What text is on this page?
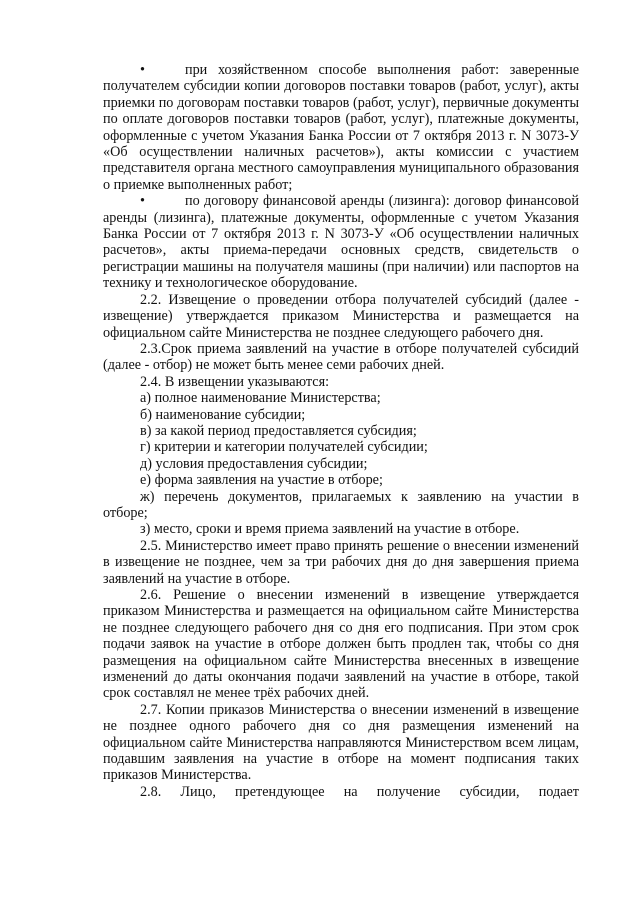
•	при хозяйственном способе выполнения работ: заверенные получателем субсидии копии договоров поставки товаров (работ, услуг), акты приемки по договорам поставки товаров (работ, услуг), первичные документы по оплате договоров поставки товаров (работ, услуг), платежные документы, оформленные с учетом Указания Банка России от 7 октября 2013 г. N 3073-У «Об осуществлении наличных расчетов»), акты комиссии с участием представителя органа местного самоуправления муниципального образования о приемке выполненных работ;

•	по договору финансовой аренды (лизинга): договор финансовой аренды (лизинга), платежные документы, оформленные с учетом Указания Банка России от 7 октября 2013 г. N 3073-У «Об осуществлении наличных расчетов», акты приема-передачи основных средств, свидетельств о регистрации машины на получателя машины (при наличии) или паспортов на технику и технологическое оборудование.

2.2. Извещение о проведении отбора получателей субсидий (далее - извещение) утверждается приказом Министерства и размещается на официальном сайте Министерства не позднее следующего рабочего дня.

2.3.Срок приема заявлений на участие в отборе получателей субсидий (далее - отбор) не может быть менее семи рабочих дней.

2.4. В извещении указываются:

а) полное наименование Министерства;

б) наименование субсидии;

в) за какой период предоставляется субсидия;

г) критерии и категории получателей субсидии;

д) условия предоставления субсидии;

е) форма заявления на участие в отборе;

ж) перечень документов, прилагаемых к заявлению на участии в отборе;

з) место, сроки и время приема заявлений на участие в отборе.

2.5. Министерство имеет право принять решение о внесении изменений в извещение не позднее, чем за три рабочих дня до дня завершения приема заявлений на участие в отборе.

2.6. Решение о внесении изменений в извещение утверждается приказом Министерства и размещается на официальном сайте Министерства не позднее следующего рабочего дня со дня его подписания. При этом срок подачи заявок на участие в отборе должен быть продлен так, чтобы со дня размещения на официальном сайте Министерства внесенных в извещение изменений до даты окончания подачи заявлений на участие в отборе, такой срок составлял не менее трёх рабочих дней.

2.7. Копии приказов Министерства о внесении изменений в извещение не позднее одного рабочего дня со дня размещения изменений на официальном сайте Министерства направляются Министерством всем лицам, подавшим заявления на участие в отборе на момент подписания таких приказов Министерства.

2.8. Лицо, претендующее на получение субсидии, подает
